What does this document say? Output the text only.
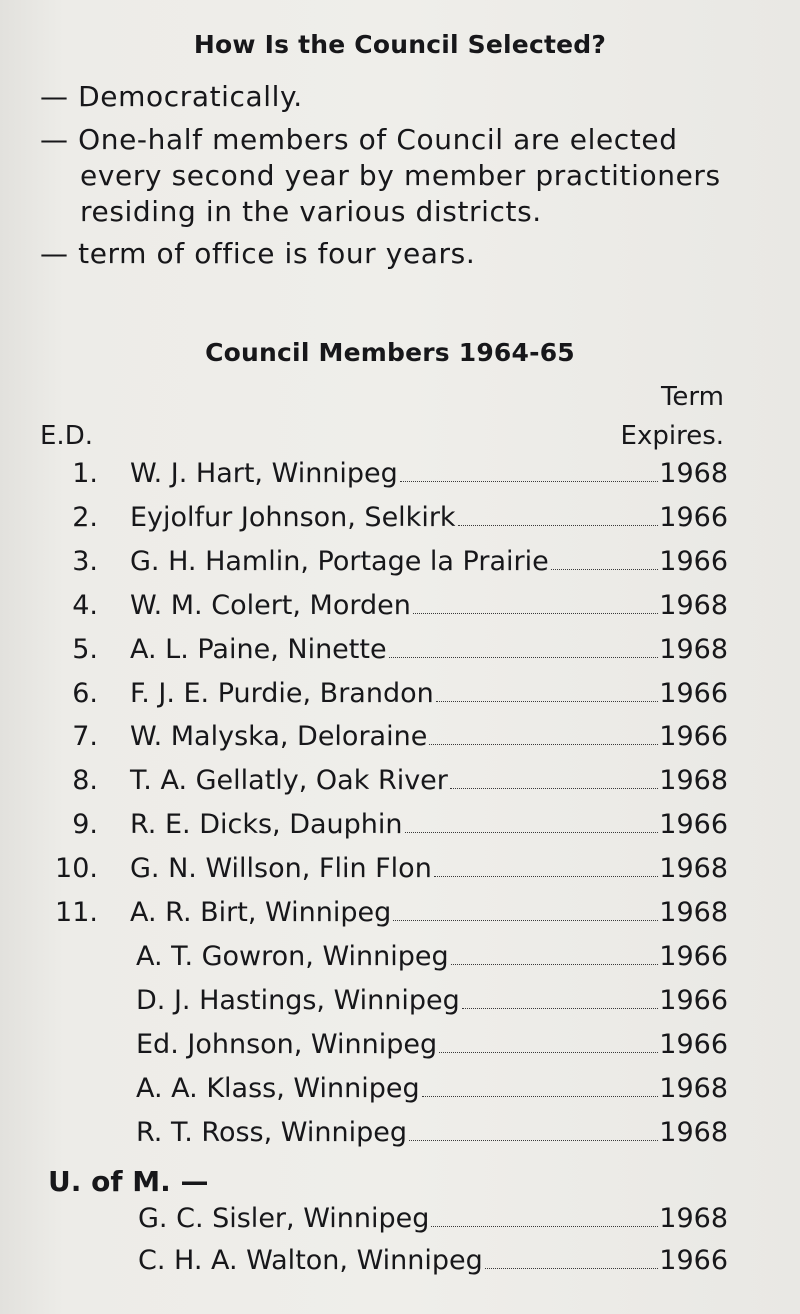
How Is the Council Selected?
— Democratically.
— One-half members of Council are elected
every second year by member practitioners
residing in the various districts.
— term of office is four years.
Council Members 1964-65
Term
E.D.	Expires.
1. W. J. Hart, Winnipeg	1968
2. Eyjolfur Johnson, Selkirk	1966
3. G. H. Hamlin, Portage la Prairie	1966
4. W. M. Colert, Morden	1968
5. A. L. Paine, Ninette	1968
6. F. J. E. Purdie, Brandon	1966
7. W. Malyska, Deloraine	1966
8. T. A. Gellatly, Oak River	1968
9. R. E. Dicks, Dauphin	1966
10. G. N. Willson, Flin Flon	1968
11. A. R. Birt, Winnipeg	1968
A. T. Gowron, Winnipeg	1966
D. J. Hastings, Winnipeg	1966
Ed. Johnson, Winnipeg	1966
A. A. Klass, Winnipeg	1968
R. T. Ross, Winnipeg	1968
U. of M. —
G. C. Sisler, Winnipeg	1968
C. H. A. Walton, Winnipeg	1966
